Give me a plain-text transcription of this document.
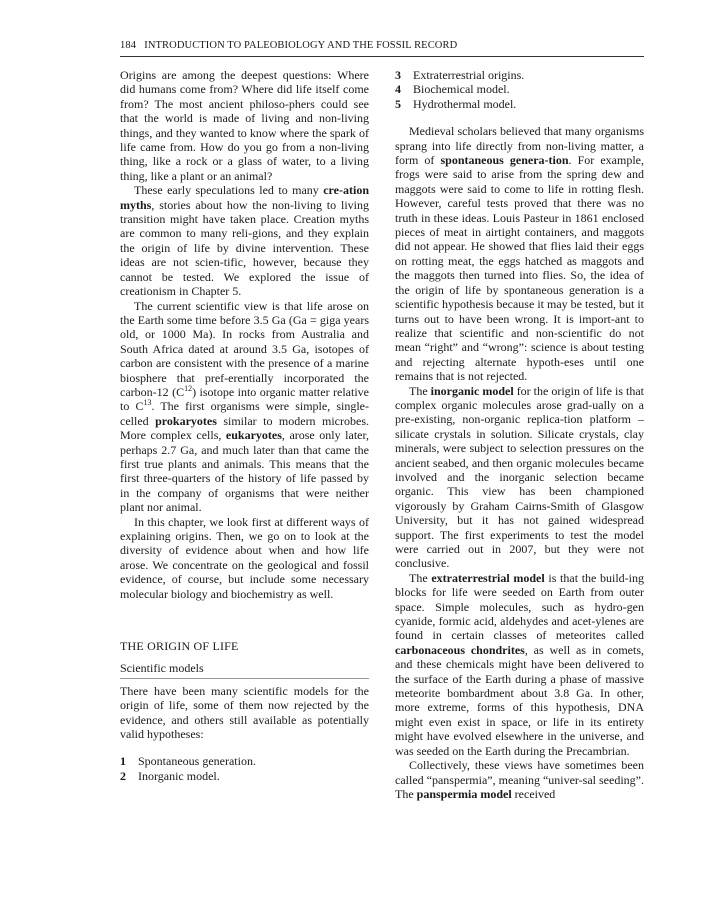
184 INTRODUCTION TO PALEOBIOLOGY AND THE FOSSIL RECORD

Origins are among the deepest questions: Where did humans come from? Where did life itself come from? The most ancient philoso-phers could see that the world is made of living and non-living things, and they wanted to know where the spark of life came from. How do you go from a non-living thing, like a rock or a glass of water, to a living thing, like a plant or an animal?

These early speculations led to many cre-ation myths, stories about how the non-living to living transition might have taken place. Creation myths are common to many reli-gions, and they explain the origin of life by divine intervention. These ideas are not scien-tific, however, because they cannot be tested. We explored the issue of creationism in Chapter 5.

The current scientific view is that life arose on the Earth some time before 3.5 Ga (Ga = giga years old, or 1000 Ma). In rocks from Australia and South Africa dated at around 3.5 Ga, isotopes of carbon are consistent with the presence of a marine biosphere that pref-erentially incorporated the carbon-12 $(C^{12})$ isotope into organic matter relative to $C^{13}$. The first organisms were simple, single-celled prokaryotes similar to modern microbes. More complex cells, eukaryotes, arose only later, perhaps 2.7 Ga, and much later than that came the first true plants and animals. This means that the first three-quarters of the history of life passed by in the company of organisms that were neither plant nor animal.

In this chapter, we look first at different ways of explaining origins. Then, we go on to look at the diversity of evidence about when and how life arose. We concentrate on the geological and fossil evidence, of course, but include some necessary molecular biology and biochemistry as well.

THE ORIGIN OF LIFE
Scientific models

There have been many scientific models for the origin of life, some of them now rejected by the evidence, and others still available as potentially valid hypotheses:

1	Spontaneous generation.
2	Inorganic model.
3	Extraterrestrial origins.
4	Biochemical model.
5	Hydrothermal model.

Medieval scholars believed that many organisms sprang into life directly from non-living matter, a form of spontaneous genera-tion. For example, frogs were said to arise from the spring dew and maggots were said to come to life in rotting flesh. However, careful tests proved that there was no truth in these ideas. Louis Pasteur in 1861 enclosed pieces of meat in airtight containers, and maggots did not appear. He showed that flies laid their eggs on rotting meat, the eggs hatched as maggots and the maggots then turned into flies. So, the idea of the origin of life by spontaneous generation is a scientific hypothesis because it may be tested, but it turns out to have been wrong. It is import-ant to realize that scientific and non-scientific do not mean “right” and “wrong”: science is about testing and rejecting alternate hypoth-eses until one remains that is not rejected.

The inorganic model for the origin of life is that complex organic molecules arose grad-ually on a pre-existing, non-organic replica-tion platform – silicate crystals in solution. Silicate crystals, clay minerals, were subject to selection pressures on the ancient seabed, and then organic molecules became involved and the inorganic selection became organic. This view has been championed vigorously by Graham Cairns-Smith of Glasgow University, but it has not gained widespread support. The first experiments to test the model were carried out in 2007, but they were not conclusive.

The extraterrestrial model is that the build-ing blocks for life were seeded on Earth from outer space. Simple molecules, such as hydro-gen cyanide, formic acid, aldehydes and acet-ylenes are found in certain classes of meteorites called carbonaceous chondrites, as well as in comets, and these chemicals might have been delivered to the surface of the Earth during a phase of massive meteorite bombardment about 3.8 Ga. In other, more extreme, forms of this hypothesis, DNA might even exist in space, or life in its entirety might have evolved elsewhere in the universe, and was seeded on the Earth during the Precambrian.

Collectively, these views have sometimes been called “panspermia”, meaning “univer-sal seeding”. The panspermia model received
